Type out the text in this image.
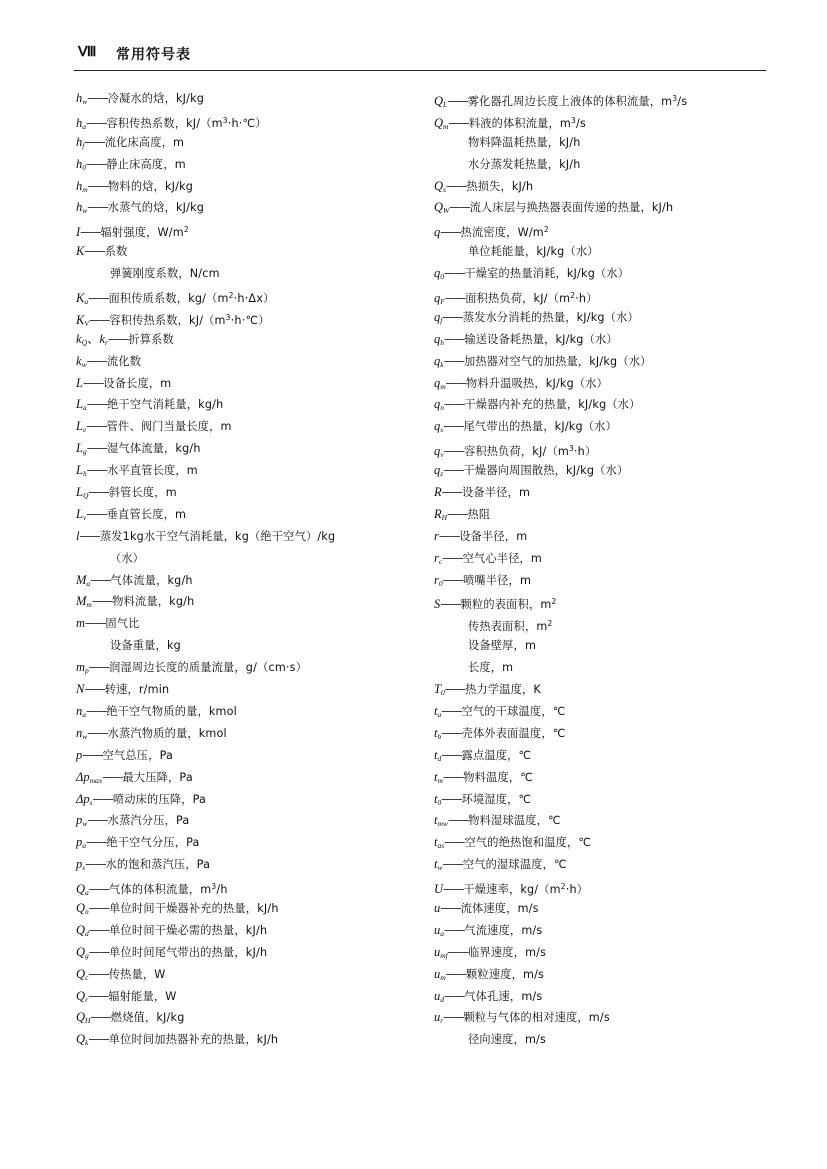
Ⅷ 常用符号表
$h_w——$冷凝水的焓，kJ/kg
$h_a——$容积传热系数，$kJ/(m^3\cdot h\cdot℃)$
$h_f——$流化床高度，m
$h_0——$静止床高度，m
$h_m——$物料的焓，kJ/kg
$h_w——$水蒸气的焓，kJ/kg
I——辐射强度，$W/m^2$
K——系数
弹簧刚度系数，N/cm
$K_a——$面积传质系数，$kg/(m^2\cdot h\cdot\Delta x)$
$K_V——$容积传热系数，$kJ/(m^3\cdot h\cdot℃)$
$k_Q$、$k_r——$折算系数
$k_w——$流化数
L——设备长度，m
$L_a——$绝干空气消耗量，kg/h
$L_e——$管件、阀门当量长度，m
$L_g——$湿气体流量，kg/h
$L_h——$水平直管长度，m
$L_Q——$斜管长度，m
$L_v——$垂直管长度，m
l——蒸发1kg水干空气消耗量，kg（绝干空气）/kg
（水）
$M_a——$气体流量，kg/h
$M_m——$物料流量，kg/h
m——固气比
设备重量，kg
$m_p——$润湿周边长度的质量流量，g/（cm·s）
N——转速，r/min
$n_a——$绝干空气物质的量，kmol
$n_w——$水蒸汽物质的量，kmol
p——空气总压，Pa
$\Delta p_{max}——$最大压降，Pa
$\Delta p_s——$喷动床的压降，Pa
$p_w——$水蒸汽分压，Pa
$p_a——$绝干空气分压，Pa
$p_s——$水的饱和蒸汽压，Pa
$Q_a——$气体的体积流量，$m^3/h$
$Q_n——$单位时间干燥器补充的热量，kJ/h
$Q_d——$单位时间干燥必需的热量，kJ/h
$Q_g——$单位时间尾气带出的热量，kJ/h
$Q_c——$传热量，W
$Q_r——$辐射能量，W
$Q_H——$燃烧值，kJ/kg
$Q_k——$单位时间加热器补充的热量，kJ/h
$Q_L——$雾化器孔周边长度上液体的体积流量，$m^3/s$
$Q_m——$料液的体积流量，$m^3/s$
物料降温耗热量，kJ/h
水分蒸发耗热量，kJ/h
$Q_s——$热损失，kJ/h
$Q_W——$流人床层与换热器表面传递的热量，kJ/h
q——热流密度，$W/m^2$
单位耗能量，kJ/kg（水）
$q_0——$干燥室的热量消耗，kJ/kg（水）
$q_F——$面积热负荷，$kJ/(m^2\cdot h)$
$q_f——$蒸发水分消耗的热量，kJ/kg（水）
$q_h——$输送设备耗热量，kJ/kg（水）
$q_k——$加热器对空气的加热量，kJ/kg（水）
$q_m——$物料升温吸热，kJ/kg（水）
$q_n——$干燥器内补充的热量，kJ/kg（水）
$q_s——$尾气带出的热量，kJ/kg（水）
$q_v——$容积热负荷，$kJ/(m^3\cdot h)$
$q_z——$干燥器向周围散热，kJ/kg（水）
R——设备半径，m
$R_H——$热阻
r——设备半径，m
$r_c——$空气心半径，m
$r_0——$喷嘴半径，m
S——颗粒的表面积，$m^2$
传热表面积，$m^2$
设备壁厚，m
长度，m
$T_0——$热力学温度，K
$t_a——$空气的干球温度，℃
$t_b——$壳体外表面温度，℃
$t_d——$露点温度，℃
$t_m——$物料温度，℃
$t_0——$环境湿度，℃
$t_{mw}——$物料湿球温度，℃
$t_{as}——$空气的绝热饱和温度，℃
$t_w——$空气的湿球温度，℃
U——干燥速率，$kg/(m^2\cdot h)$
u——流体速度，m/s
$u_a——$气流速度，m/s
$u_{mf}——$临界速度，m/s
$u_m——$颗粒速度，m/s
$u_d——$气体孔速，m/s
$u_r——$颗粒与气体的相对速度，m/s
径向速度，m/s
